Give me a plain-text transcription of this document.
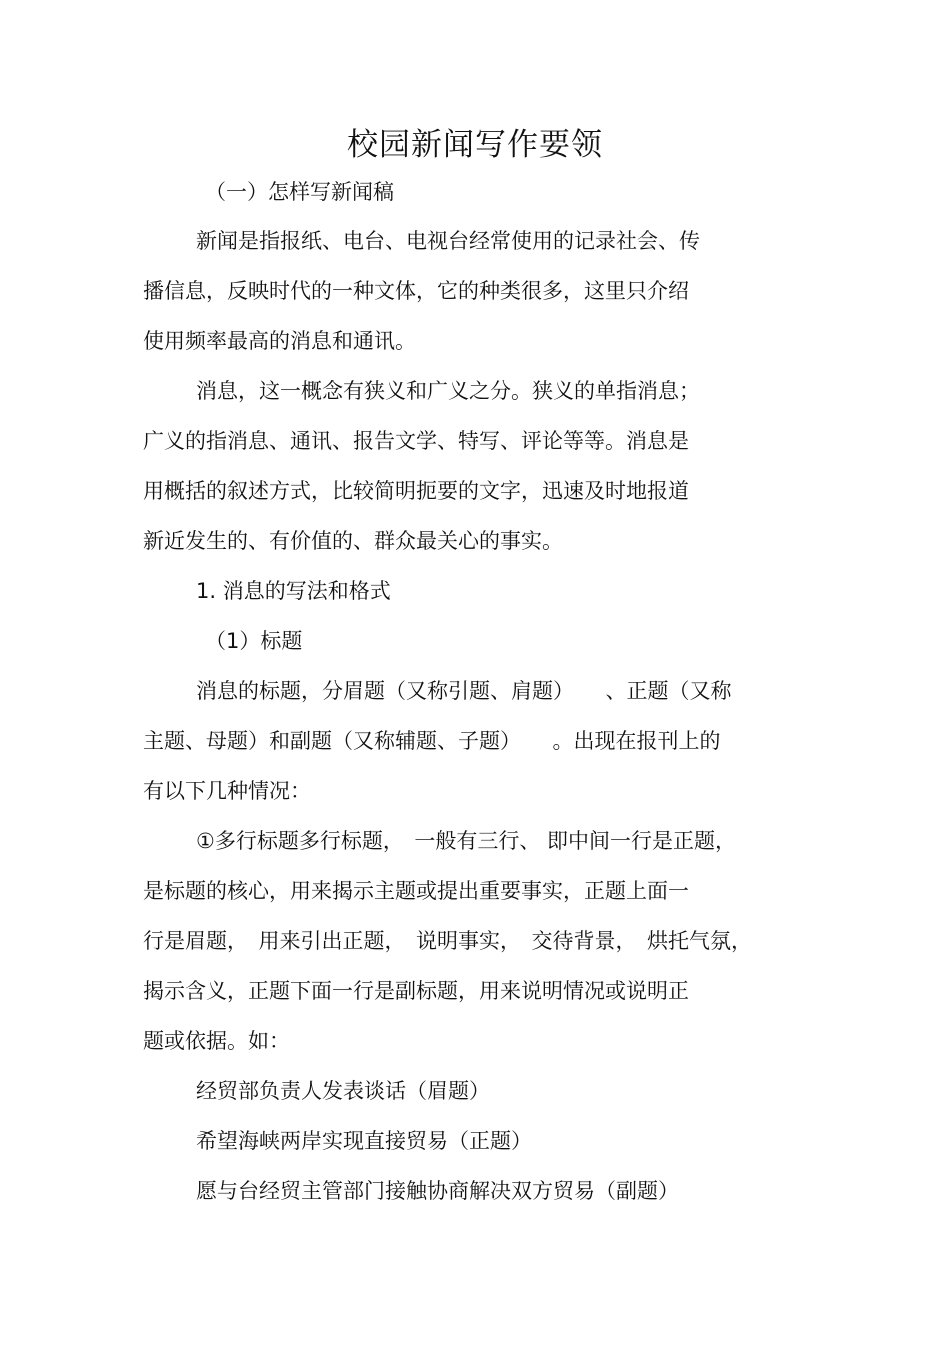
校园新闻写作要领

（一）怎样写新闻稿

新闻是指报纸、电台、电视台经常使用的记录社会、传

播信息，反映时代的一种文体，它的种类很多，这里只介绍

使用频率最高的消息和通讯。

消息，这一概念有狭义和广义之分。狭义的单指消息；

广义的指消息、通讯、报告文学、特写、评论等等。消息是

用概括的叙述方式，比较简明扼要的文字，迅速及时地报道

新近发生的、有价值的、群众最关心的事实。

1. 消息的写法和格式

（1）标题

消息的标题，分眉题（又称引题、肩题）　　、正题（又称

主题、母题）和副题（又称辅题、子题）　　。出现在报刊上的

有以下几种情况：

①多行标题多行标题，　一般有三行、 即中间一行是正题，

是标题的核心，用来揭示主题或提出重要事实，正题上面一

行是眉题，　用来引出正题，　说明事实，　交待背景，　烘托气氛，

揭示含义，正题下面一行是副标题，用来说明情况或说明正

题或依据。如：

经贸部负责人发表谈话（眉题）

希望海峡两岸实现直接贸易（正题）

愿与台经贸主管部门接触协商解决双方贸易（副题）
